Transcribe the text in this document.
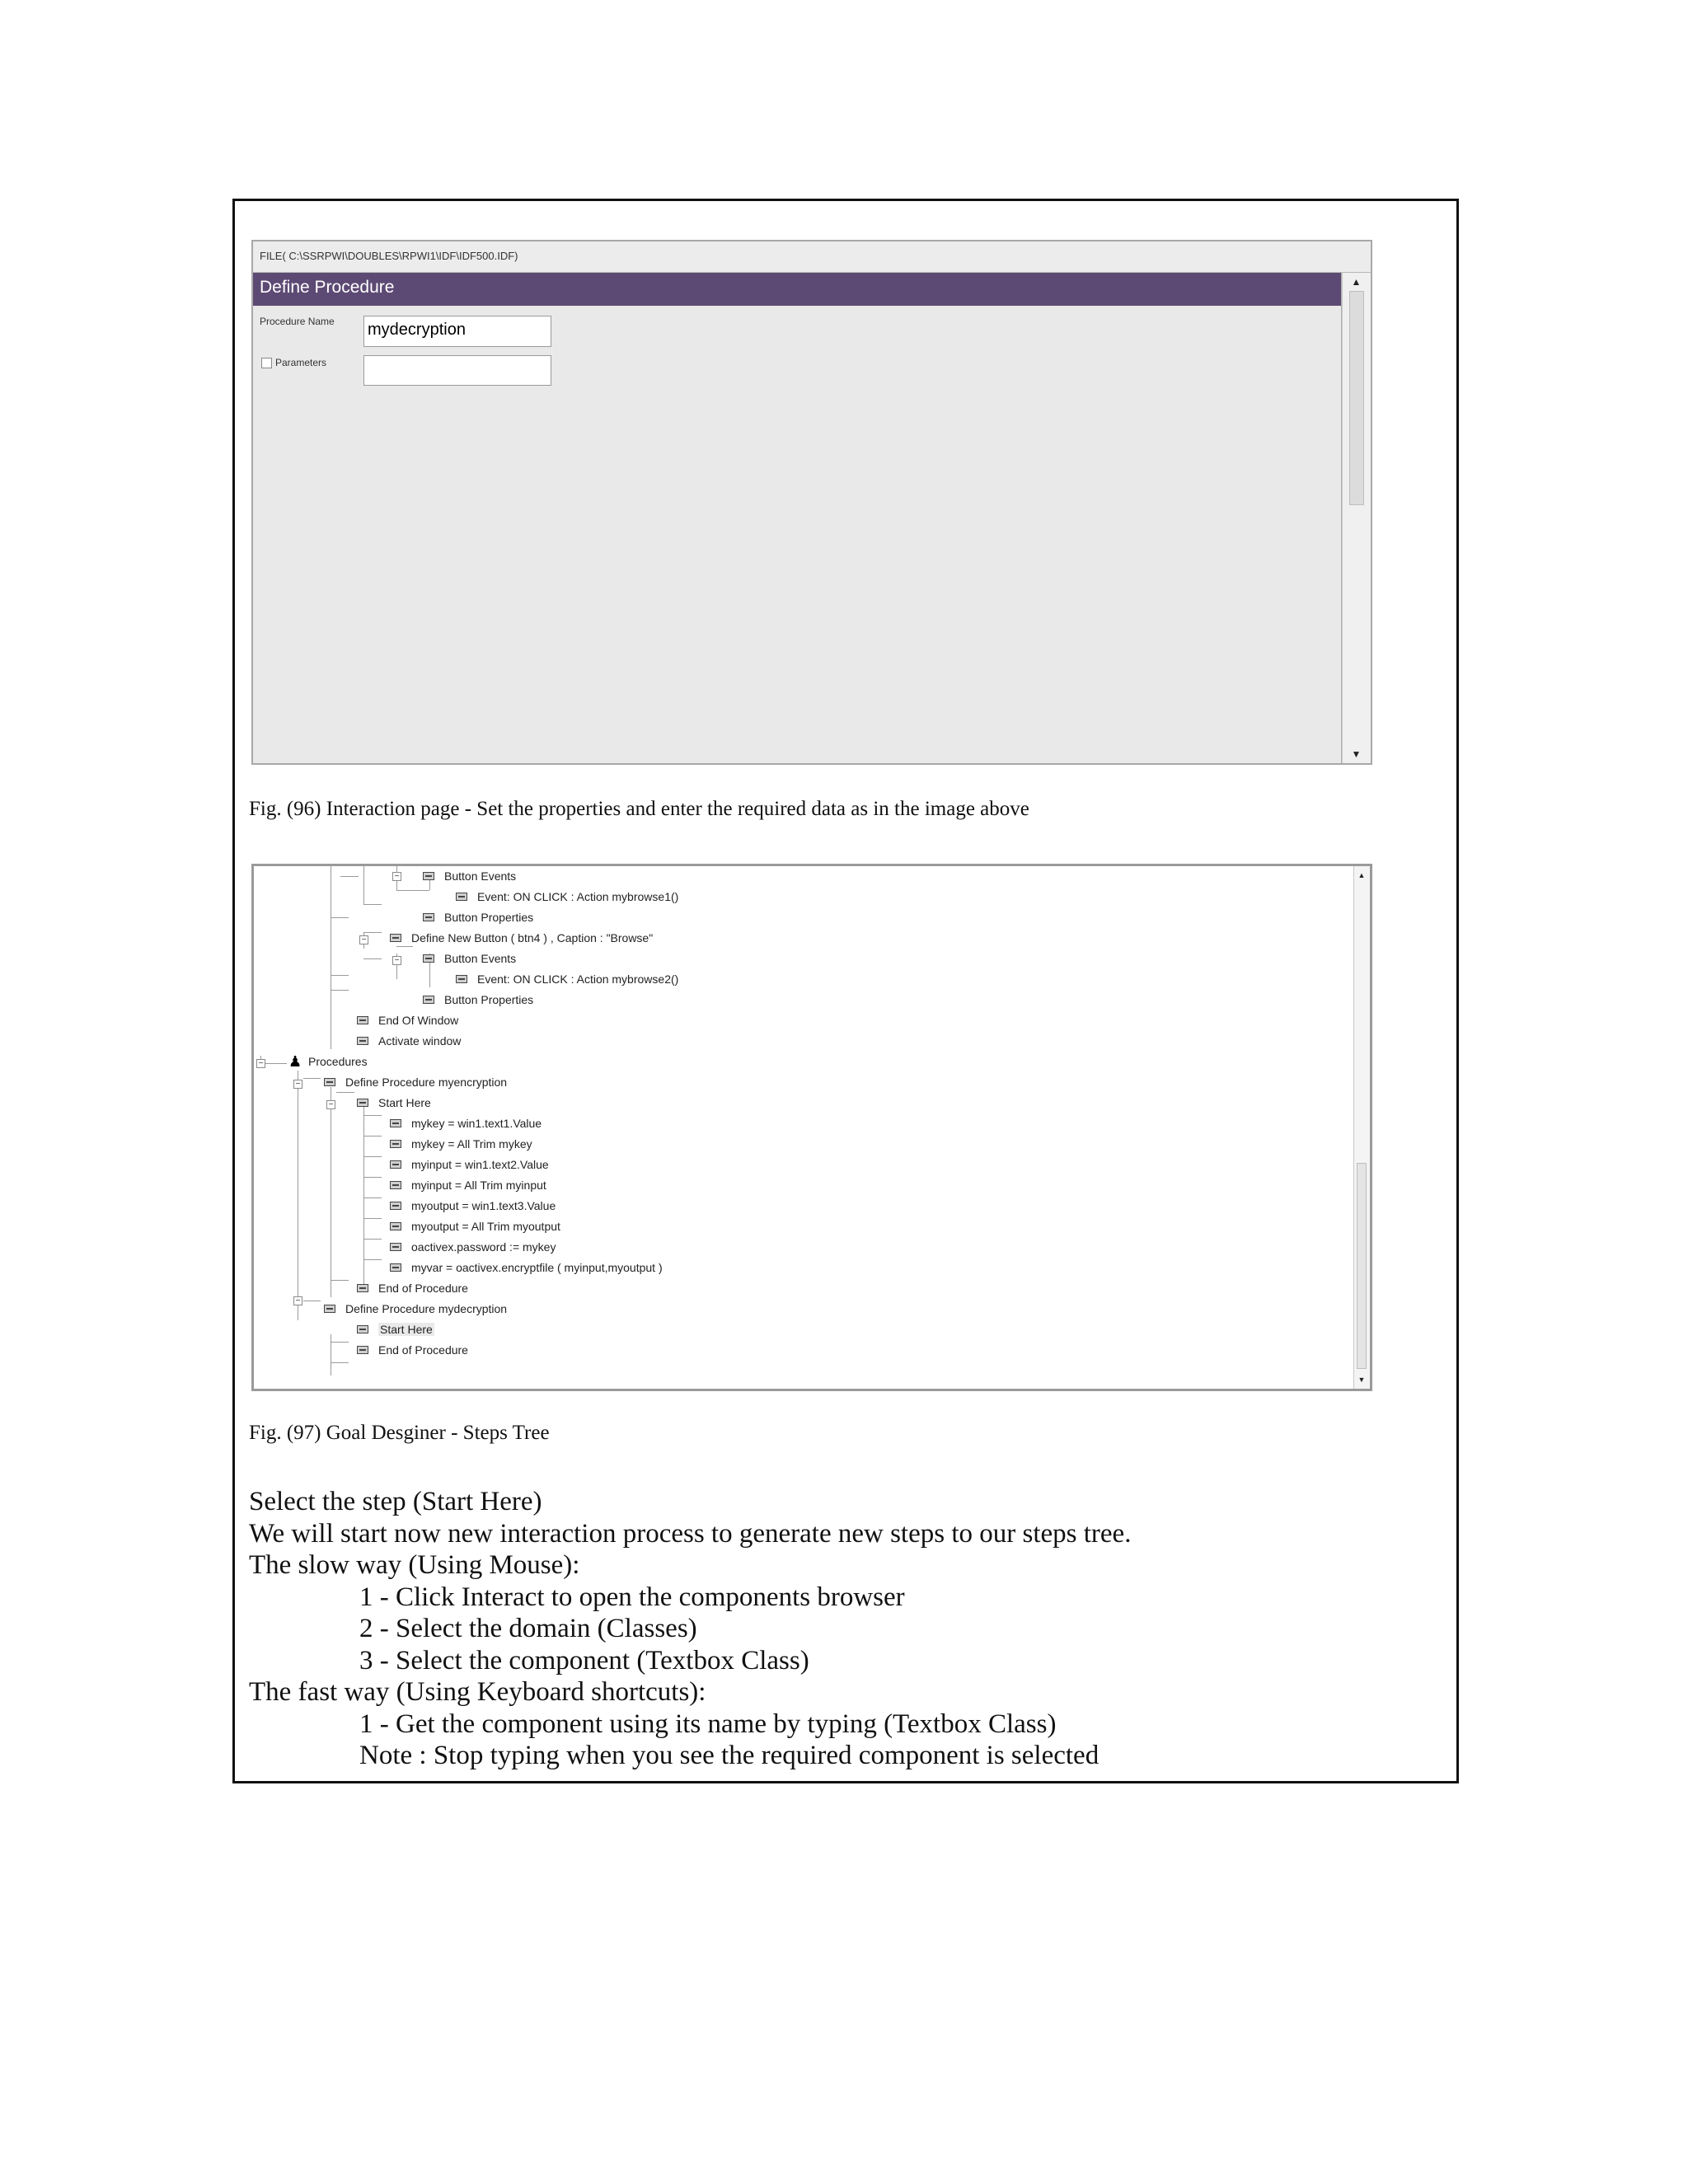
FILE( C:\SSRPWI\DOUBLES\RPWI1\IDF\IDF500.IDF)
Define Procedure
Procedure Name mydecryption
Parameters
▲
▼
Fig. (96) Interaction page - Set the properties and enter the required data as in the image above
−
−
−
−
−
−
−
Button Events
Event: ON CLICK : Action mybrowse1()
Button Properties
Define New Button ( btn4 ) , Caption : "Browse"
Button Events
Event: ON CLICK : Action mybrowse2()
Button Properties
End Of Window
Activate window
♟ Procedures
Define Procedure myencryption
Start Here
mykey = win1.text1.Value
mykey = All Trim mykey
myinput = win1.text2.Value
myinput = All Trim myinput
myoutput = win1.text3.Value
myoutput = All Trim myoutput
oactivex.password := mykey
myvar = oactivex.encryptfile ( myinput,myoutput )
End of Procedure
Define Procedure mydecryption
Start Here
End of Procedure
▲
▼
Fig. (97) Goal Desginer - Steps Tree
Select the step (Start Here)
We will start now new interaction process to generate new steps to our steps tree.
The slow way (Using Mouse):
1 - Click Interact to open the components browser
2 - Select the domain (Classes)
3 - Select the component (Textbox Class)
The fast way (Using Keyboard shortcuts):
1 - Get the component using its name by typing (Textbox Class)
Note : Stop typing when you see the required component is selected
